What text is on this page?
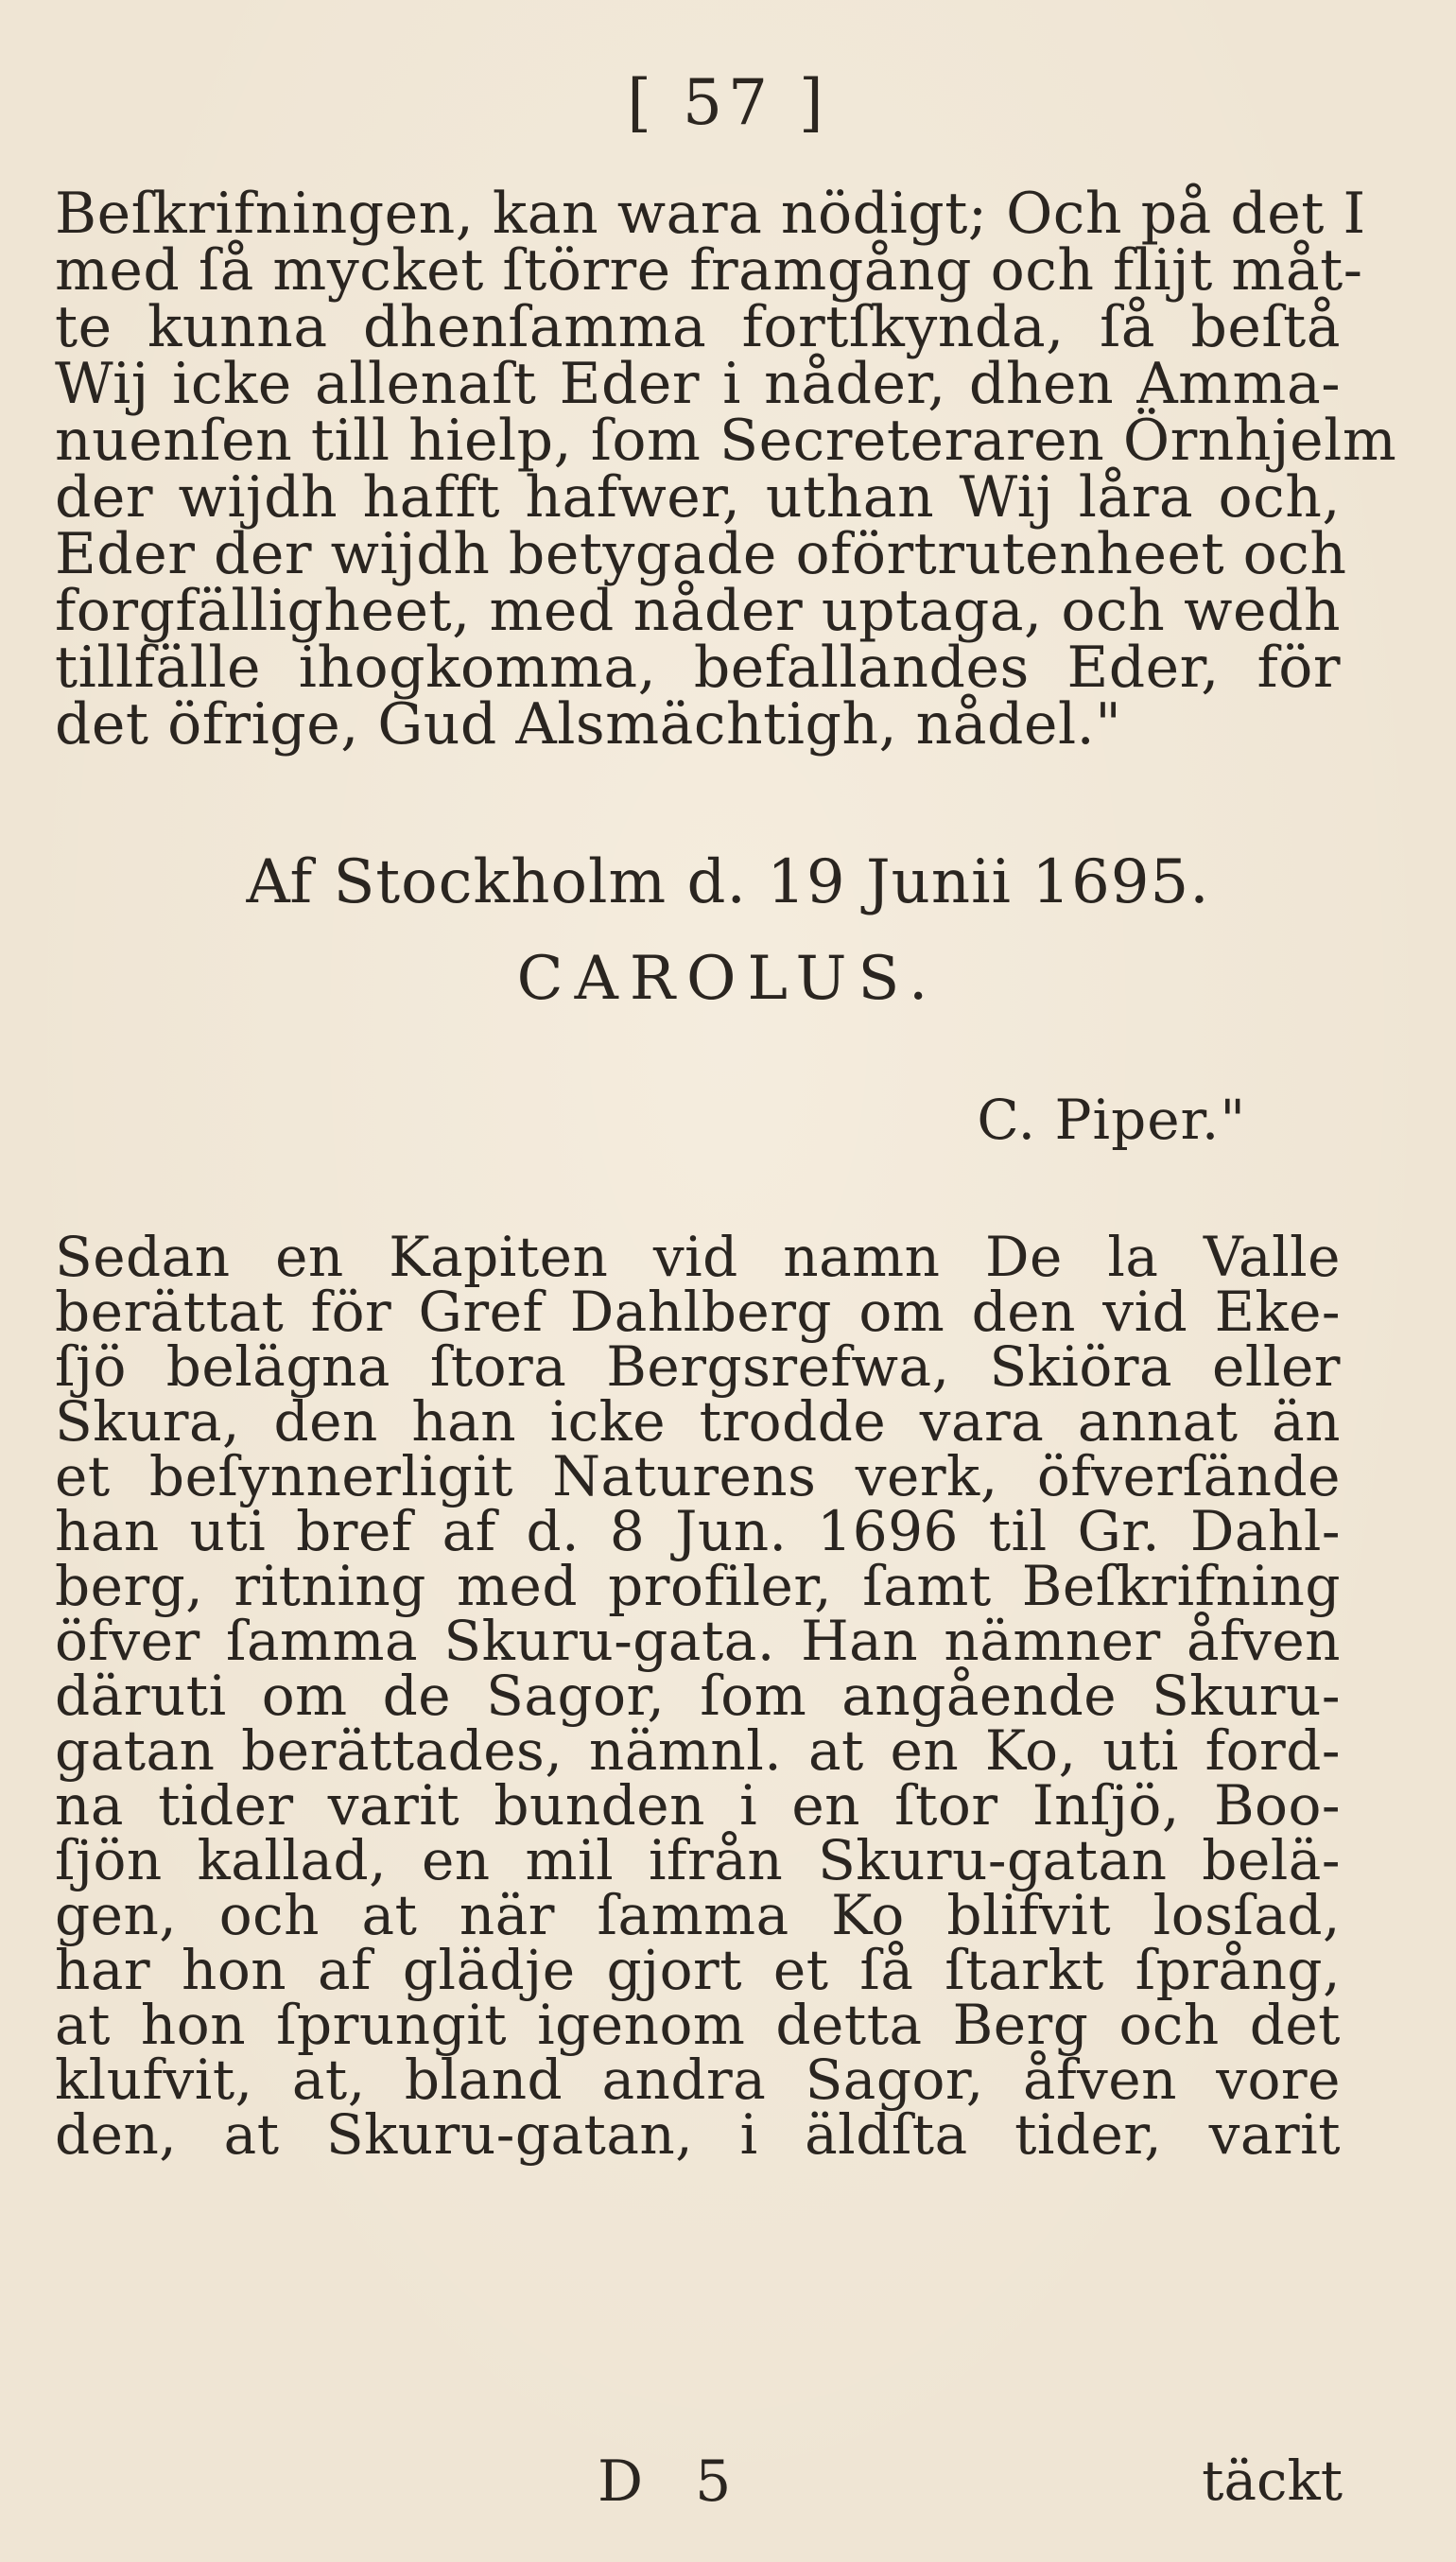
[ 57 ]
Beſkrifningen, kan wara nödigt; Och på det I
med ſå mycket ſtörre framgång och flijt måt-
te kunna dhenſamma fortſkynda, ſå beſtå
Wij icke allenaſt Eder i nåder, dhen Amma-
nuenſen till hielp, ſom Secreteraren Örnhjelm
der wijdh hafft hafwer, uthan Wij låra och,
Eder der wijdh betygade oförtrutenheet och
forgfällighеet, med nåder uptaga, och wedh
tillfälle ihogkomma, befallandes Eder, för
det öfrige, Gud Alsmächtigh, nådel."
Af Stockholm d. 19 Junii 1695.
CAROLUS.
C. Piper."
Sedan en Kapiten vid namn De la Valle
berättat för Gref Dahlberg om den vid Eke-
ſjö belägna ſtora Bergsrefwa, Skiöra eller
Skura, den han icke trodde vara annat än
et beſynnerligit Naturens verk, öfverſände
han uti bref af d. 8 Jun. 1696 til Gr. Dahl-
berg, ritning med profiler, ſamt Beſkrifning
öfver ſamma Skuru-gata. Han nämner åfven
däruti om de Sagor, ſom angående Skuru-
gatan berättades, nämnl. at en Ko, uti ford-
na tider varit bunden i en ſtor Inſjö, Boo-
ſjön kallad, en mil ifrån Skuru-gatan belä-
gen, och at när ſamma Ko blifvit losſad,
har hon af glädje gjort et ſå ſtarkt ſprång,
at hon ſprungit igenom detta Berg och det
klufvit, at, bland andra Sagor, åfven vore
den, at Skuru-gatan, i äldſta tider, varit
D 5	täckt
